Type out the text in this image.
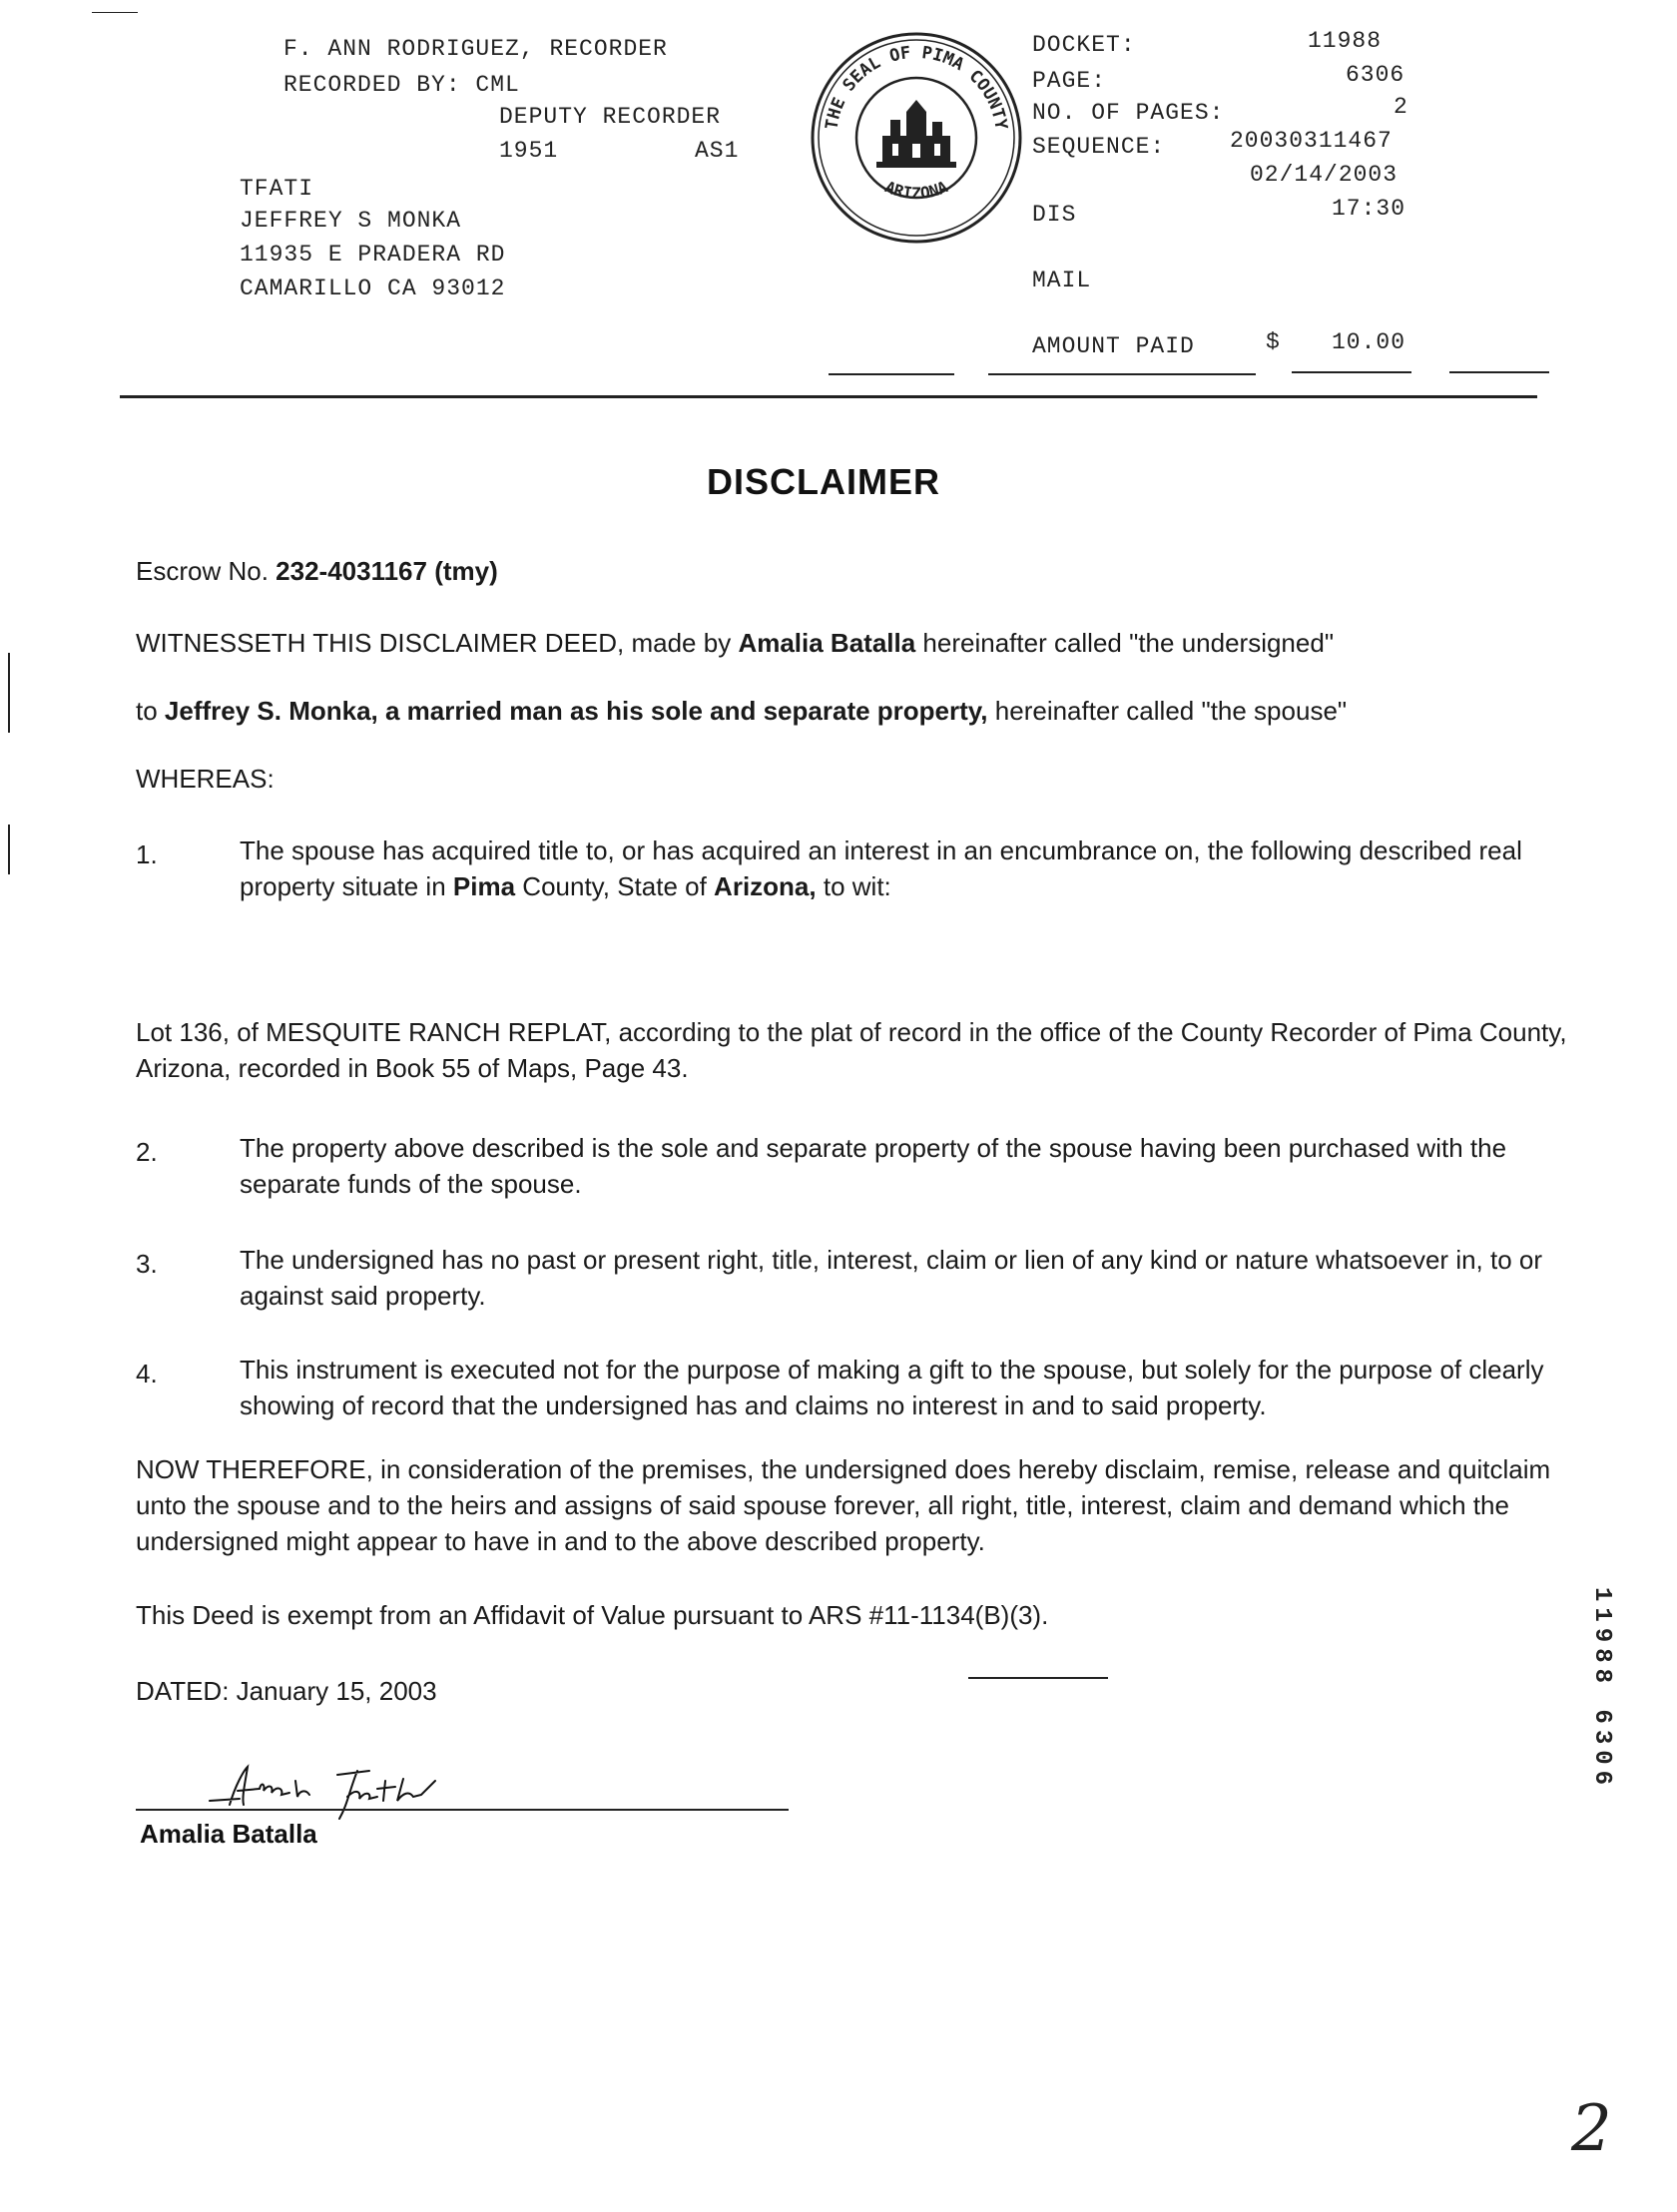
F. ANN RODRIGUEZ, RECORDER
RECORDED BY: CML
DEPUTY RECORDER
1951	AS1
TFATI
JEFFREY S MONKA
11935 E PRADERA RD
CAMARILLO CA 93012
THE SEAL OF PIMA COUNTY
ARIZONA
DOCKET:	11988
PAGE:	6306
NO. OF PAGES:	2
SEQUENCE:	20030311467
02/14/2003
DIS	17:30
MAIL
AMOUNT PAID	$ 10.00
DISCLAIMER
Escrow No. 232-4031167 (tmy)
WITNESSETH THIS DISCLAIMER DEED, made by Amalia Batalla hereinafter called "the undersigned"
to Jeffrey S. Monka, a married man as his sole and separate property, hereinafter called "the spouse"
WHEREAS:
1.	The spouse has acquired title to, or has acquired an interest in an encumbrance on, the following described real property situate in Pima County, State of Arizona, to wit:
Lot 136, of MESQUITE RANCH REPLAT, according to the plat of record in the office of the County Recorder of Pima County, Arizona, recorded in Book 55 of Maps, Page 43.
2.	The property above described is the sole and separate property of the spouse having been purchased with the separate funds of the spouse.
3.	The undersigned has no past or present right, title, interest, claim or lien of any kind or nature whatsoever in, to or against said property.
4.	This instrument is executed not for the purpose of making a gift to the spouse, but solely for the purpose of clearly showing of record that the undersigned has and claims no interest in and to said property.
NOW THEREFORE, in consideration of the premises, the undersigned does hereby disclaim, remise, release and quitclaim unto the spouse and to the heirs and assigns of said spouse forever, all right, title, interest, claim and demand which the undersigned might appear to have in and to the above described property.
This Deed is exempt from an Affidavit of Value pursuant to ARS #11-1134(B)(3).
DATED: January 15, 2003
Amalia Batalla
11988 6306
2
